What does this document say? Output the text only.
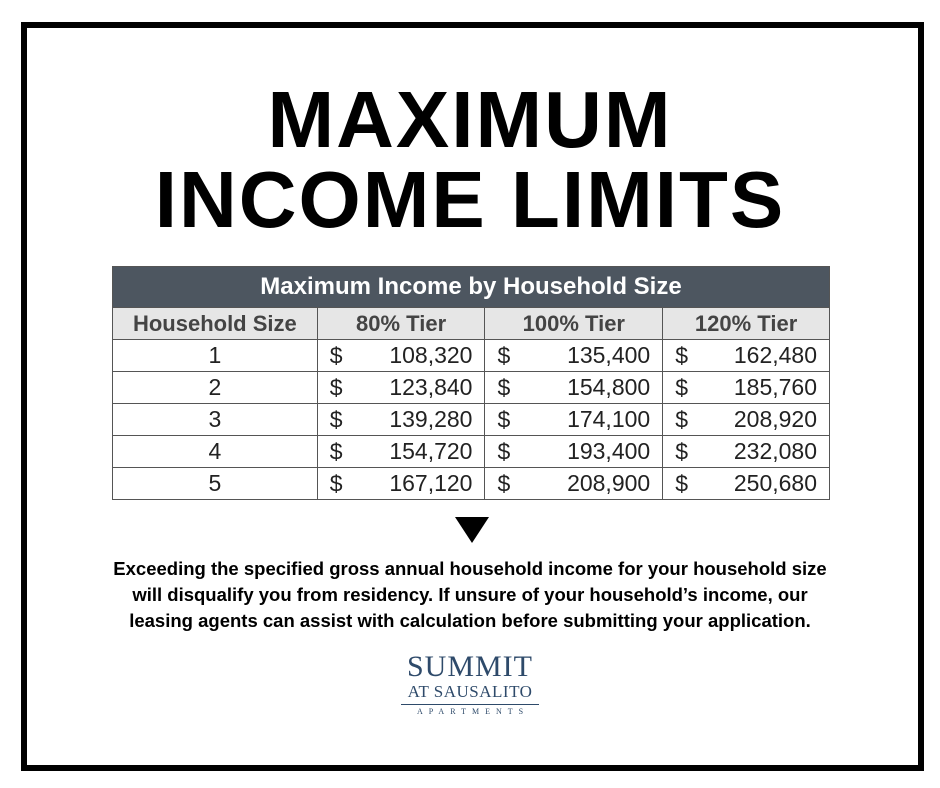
MAXIMUM
INCOME LIMITS
Maximum Income by Household Size			
Household Size	80% Tier	100% Tier	120% Tier
1	$ 108,320	$ 135,400	$ 162,480

2	$ 123,840	$ 154,800	$ 185,760

3	$ 139,280	$ 174,100	$ 208,920

4	$ 154,720	$ 193,400	$ 232,080

5	$ 167,120	$ 208,900	$ 250,680
Exceeding the specified gross annual household income for your household size
will disqualify you from residency. If unsure of your household’s income, our
leasing agents can assist with calculation before submitting your application.
SUMMIT
AT SAUSALITO
APARTMENTS
